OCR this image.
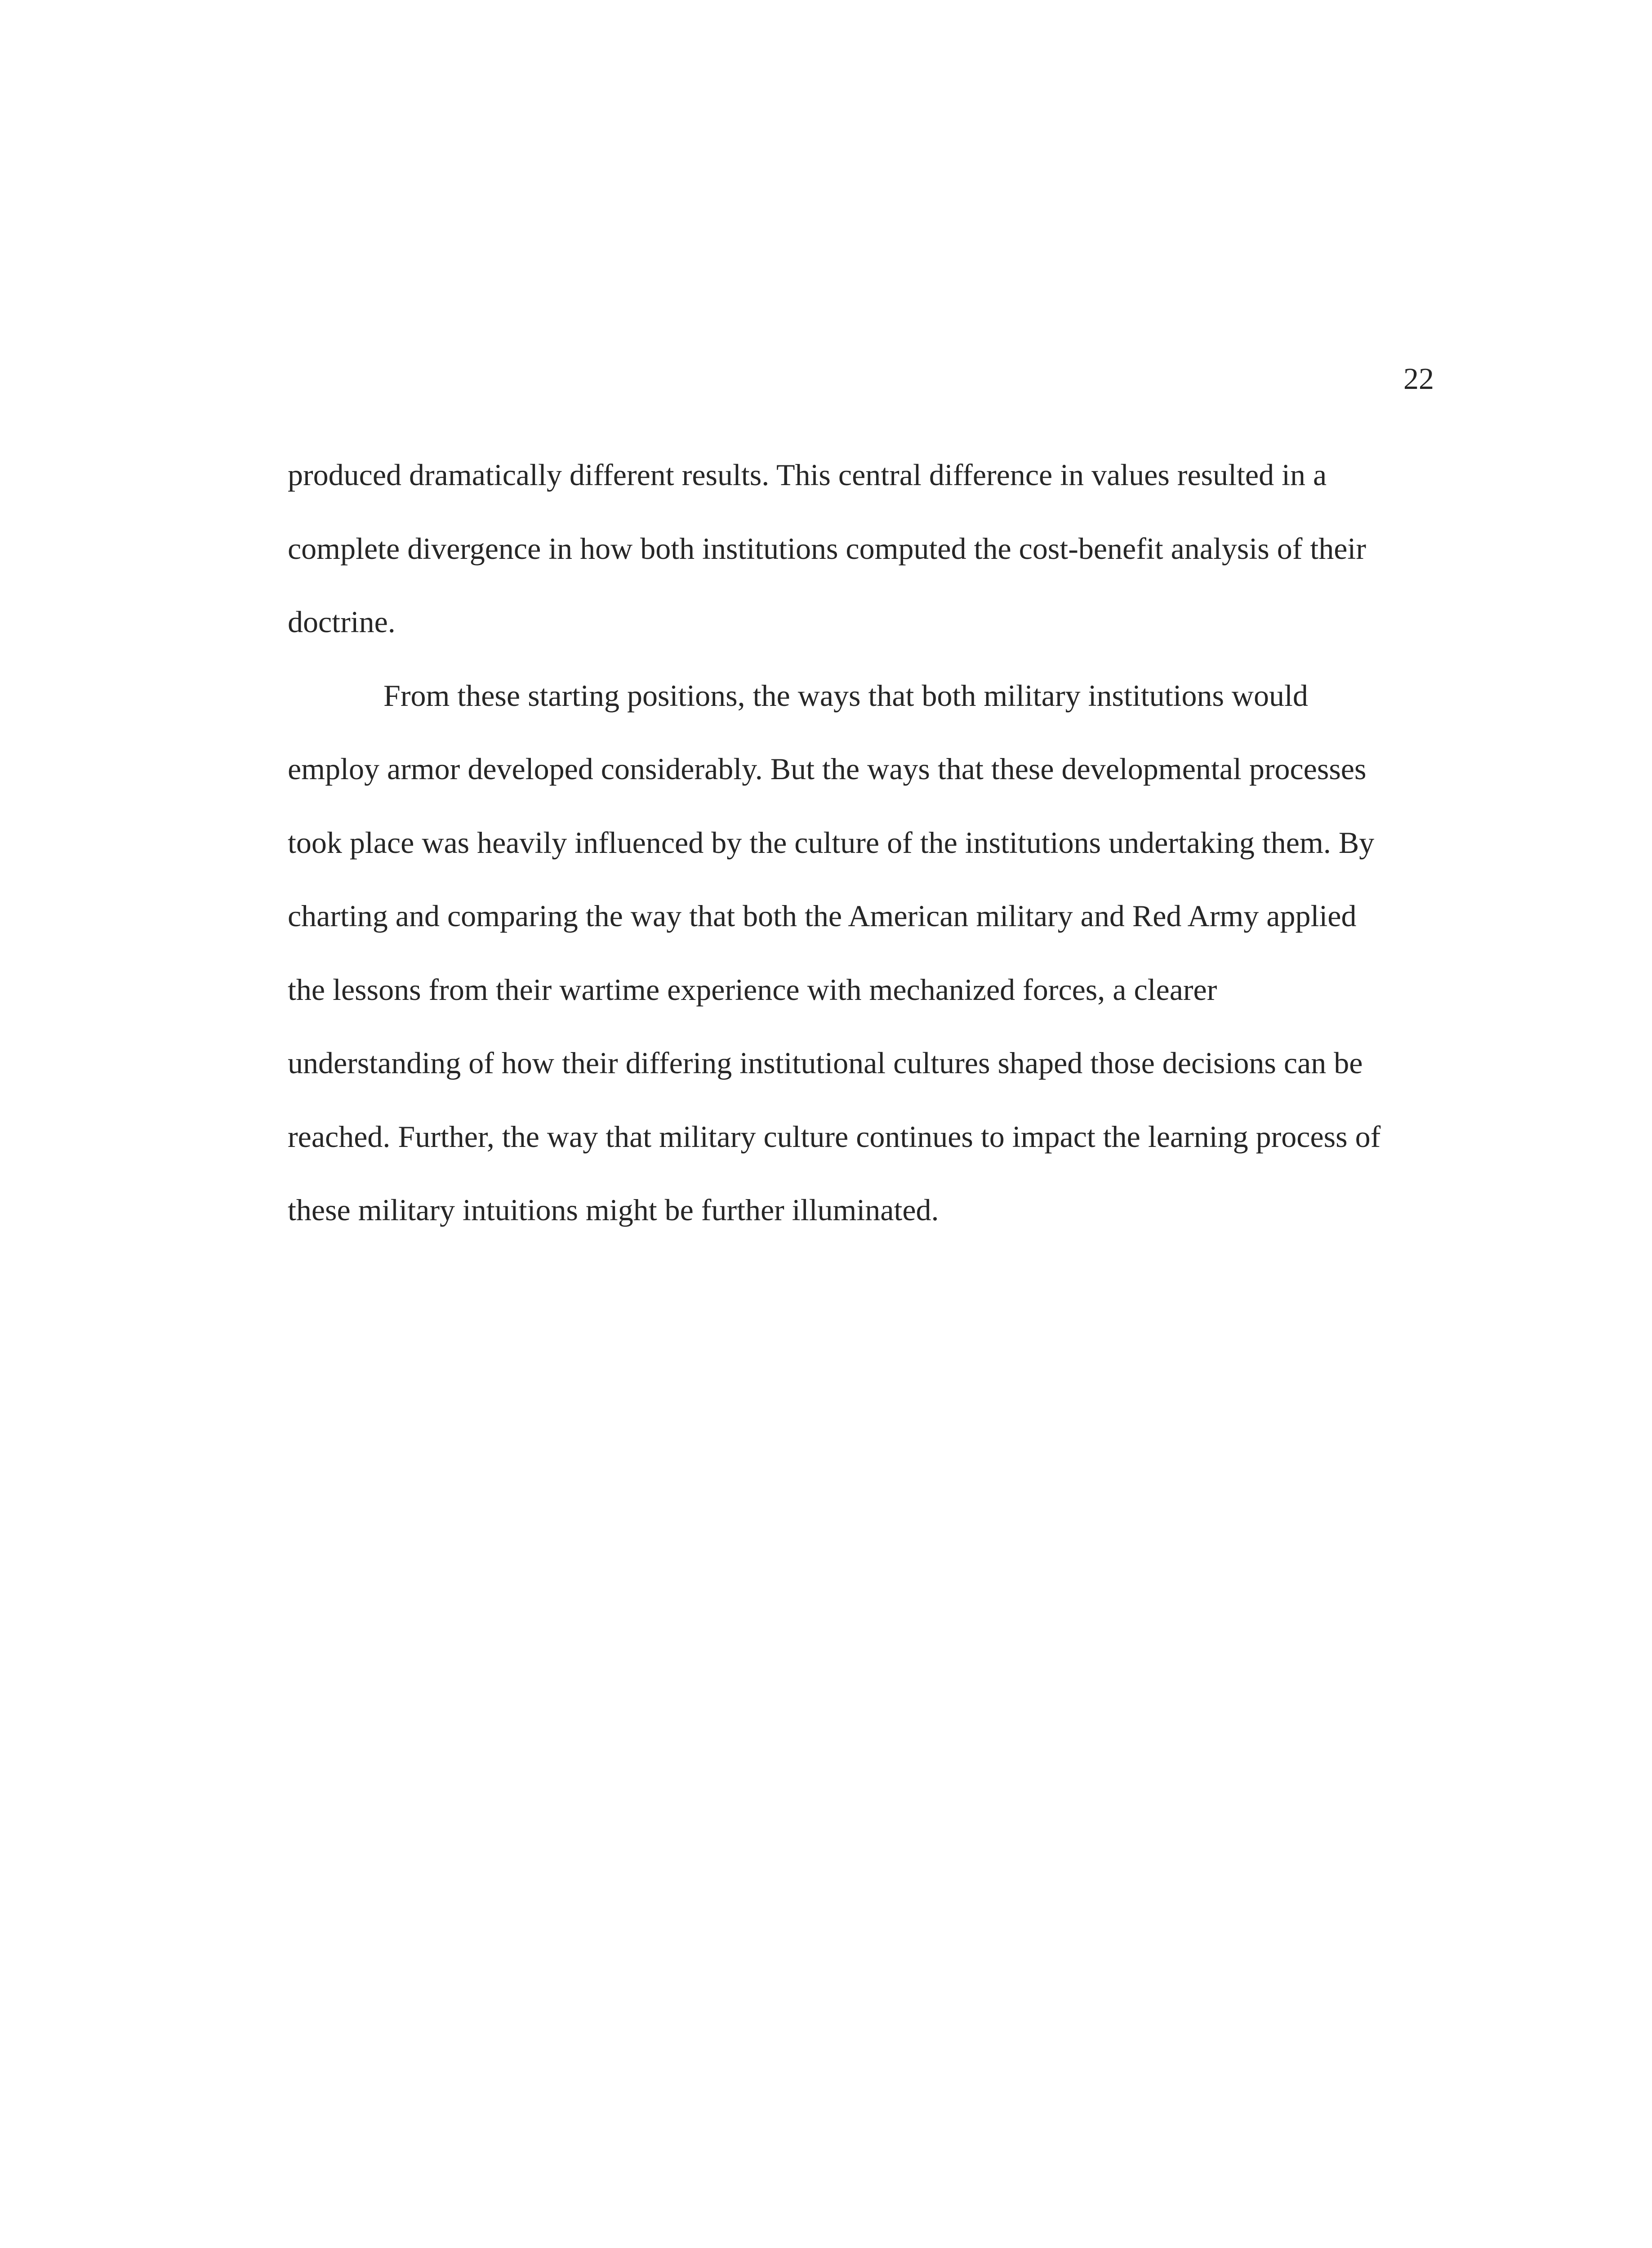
22
produced dramatically different results. This central difference in values resulted in a
complete divergence in how both institutions computed the cost-benefit analysis of their
doctrine.
From these starting positions, the ways that both military institutions would
employ armor developed considerably. But the ways that these developmental processes
took place was heavily influenced by the culture of the institutions undertaking them. By
charting and comparing the way that both the American military and Red Army applied
the lessons from their wartime experience with mechanized forces, a clearer
understanding of how their differing institutional cultures shaped those decisions can be
reached. Further, the way that military culture continues to impact the learning process of
these military intuitions might be further illuminated.
